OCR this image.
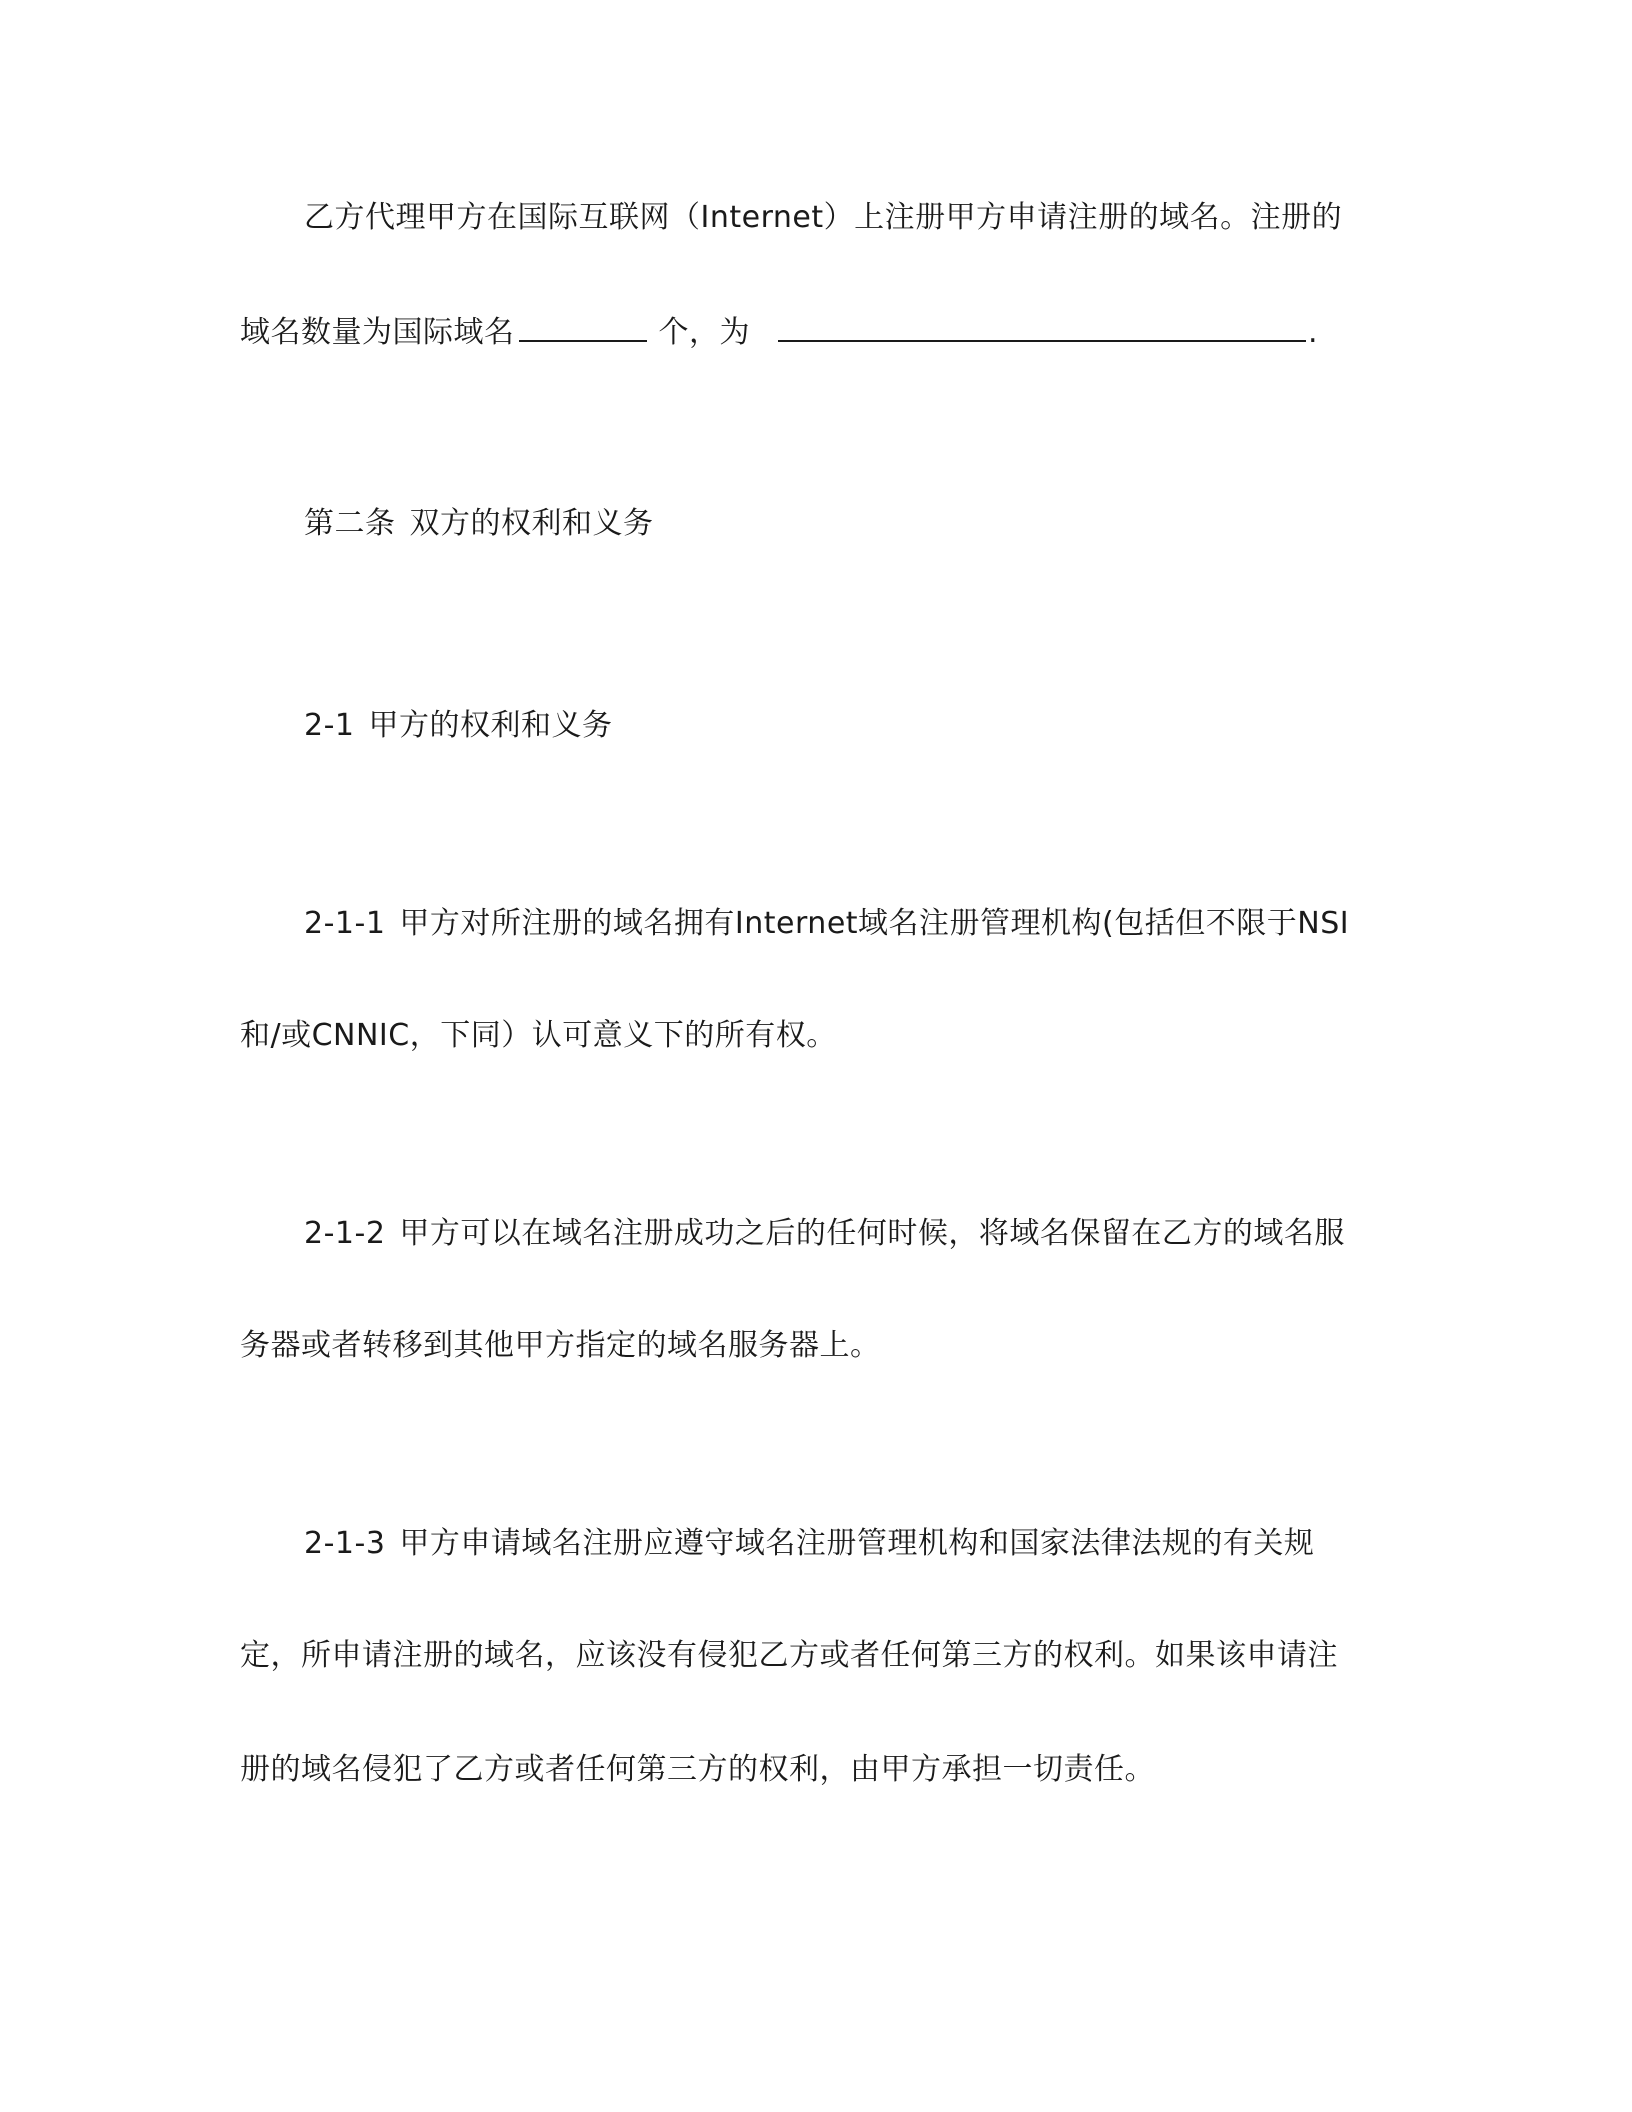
乙方代理甲方在国际互联网（Internet）上注册甲方申请注册的域名。注册的
域名数量为国际域名	个，为	.
第二条 双方的权利和义务
2-1 甲方的权利和义务
2-1-1 甲方对所注册的域名拥有Internet域名注册管理机构(包括但不限于NSI
和/或CNNIC，下同）认可意义下的所有权。
2-1-2 甲方可以在域名注册成功之后的任何时候，将域名保留在乙方的域名服
务器或者转移到其他甲方指定的域名服务器上。
2-1-3 甲方申请域名注册应遵守域名注册管理机构和国家法律法规的有关规
定，所申请注册的域名，应该没有侵犯乙方或者任何第三方的权利。如果该申请注
册的域名侵犯了乙方或者任何第三方的权利，由甲方承担一切责任。
